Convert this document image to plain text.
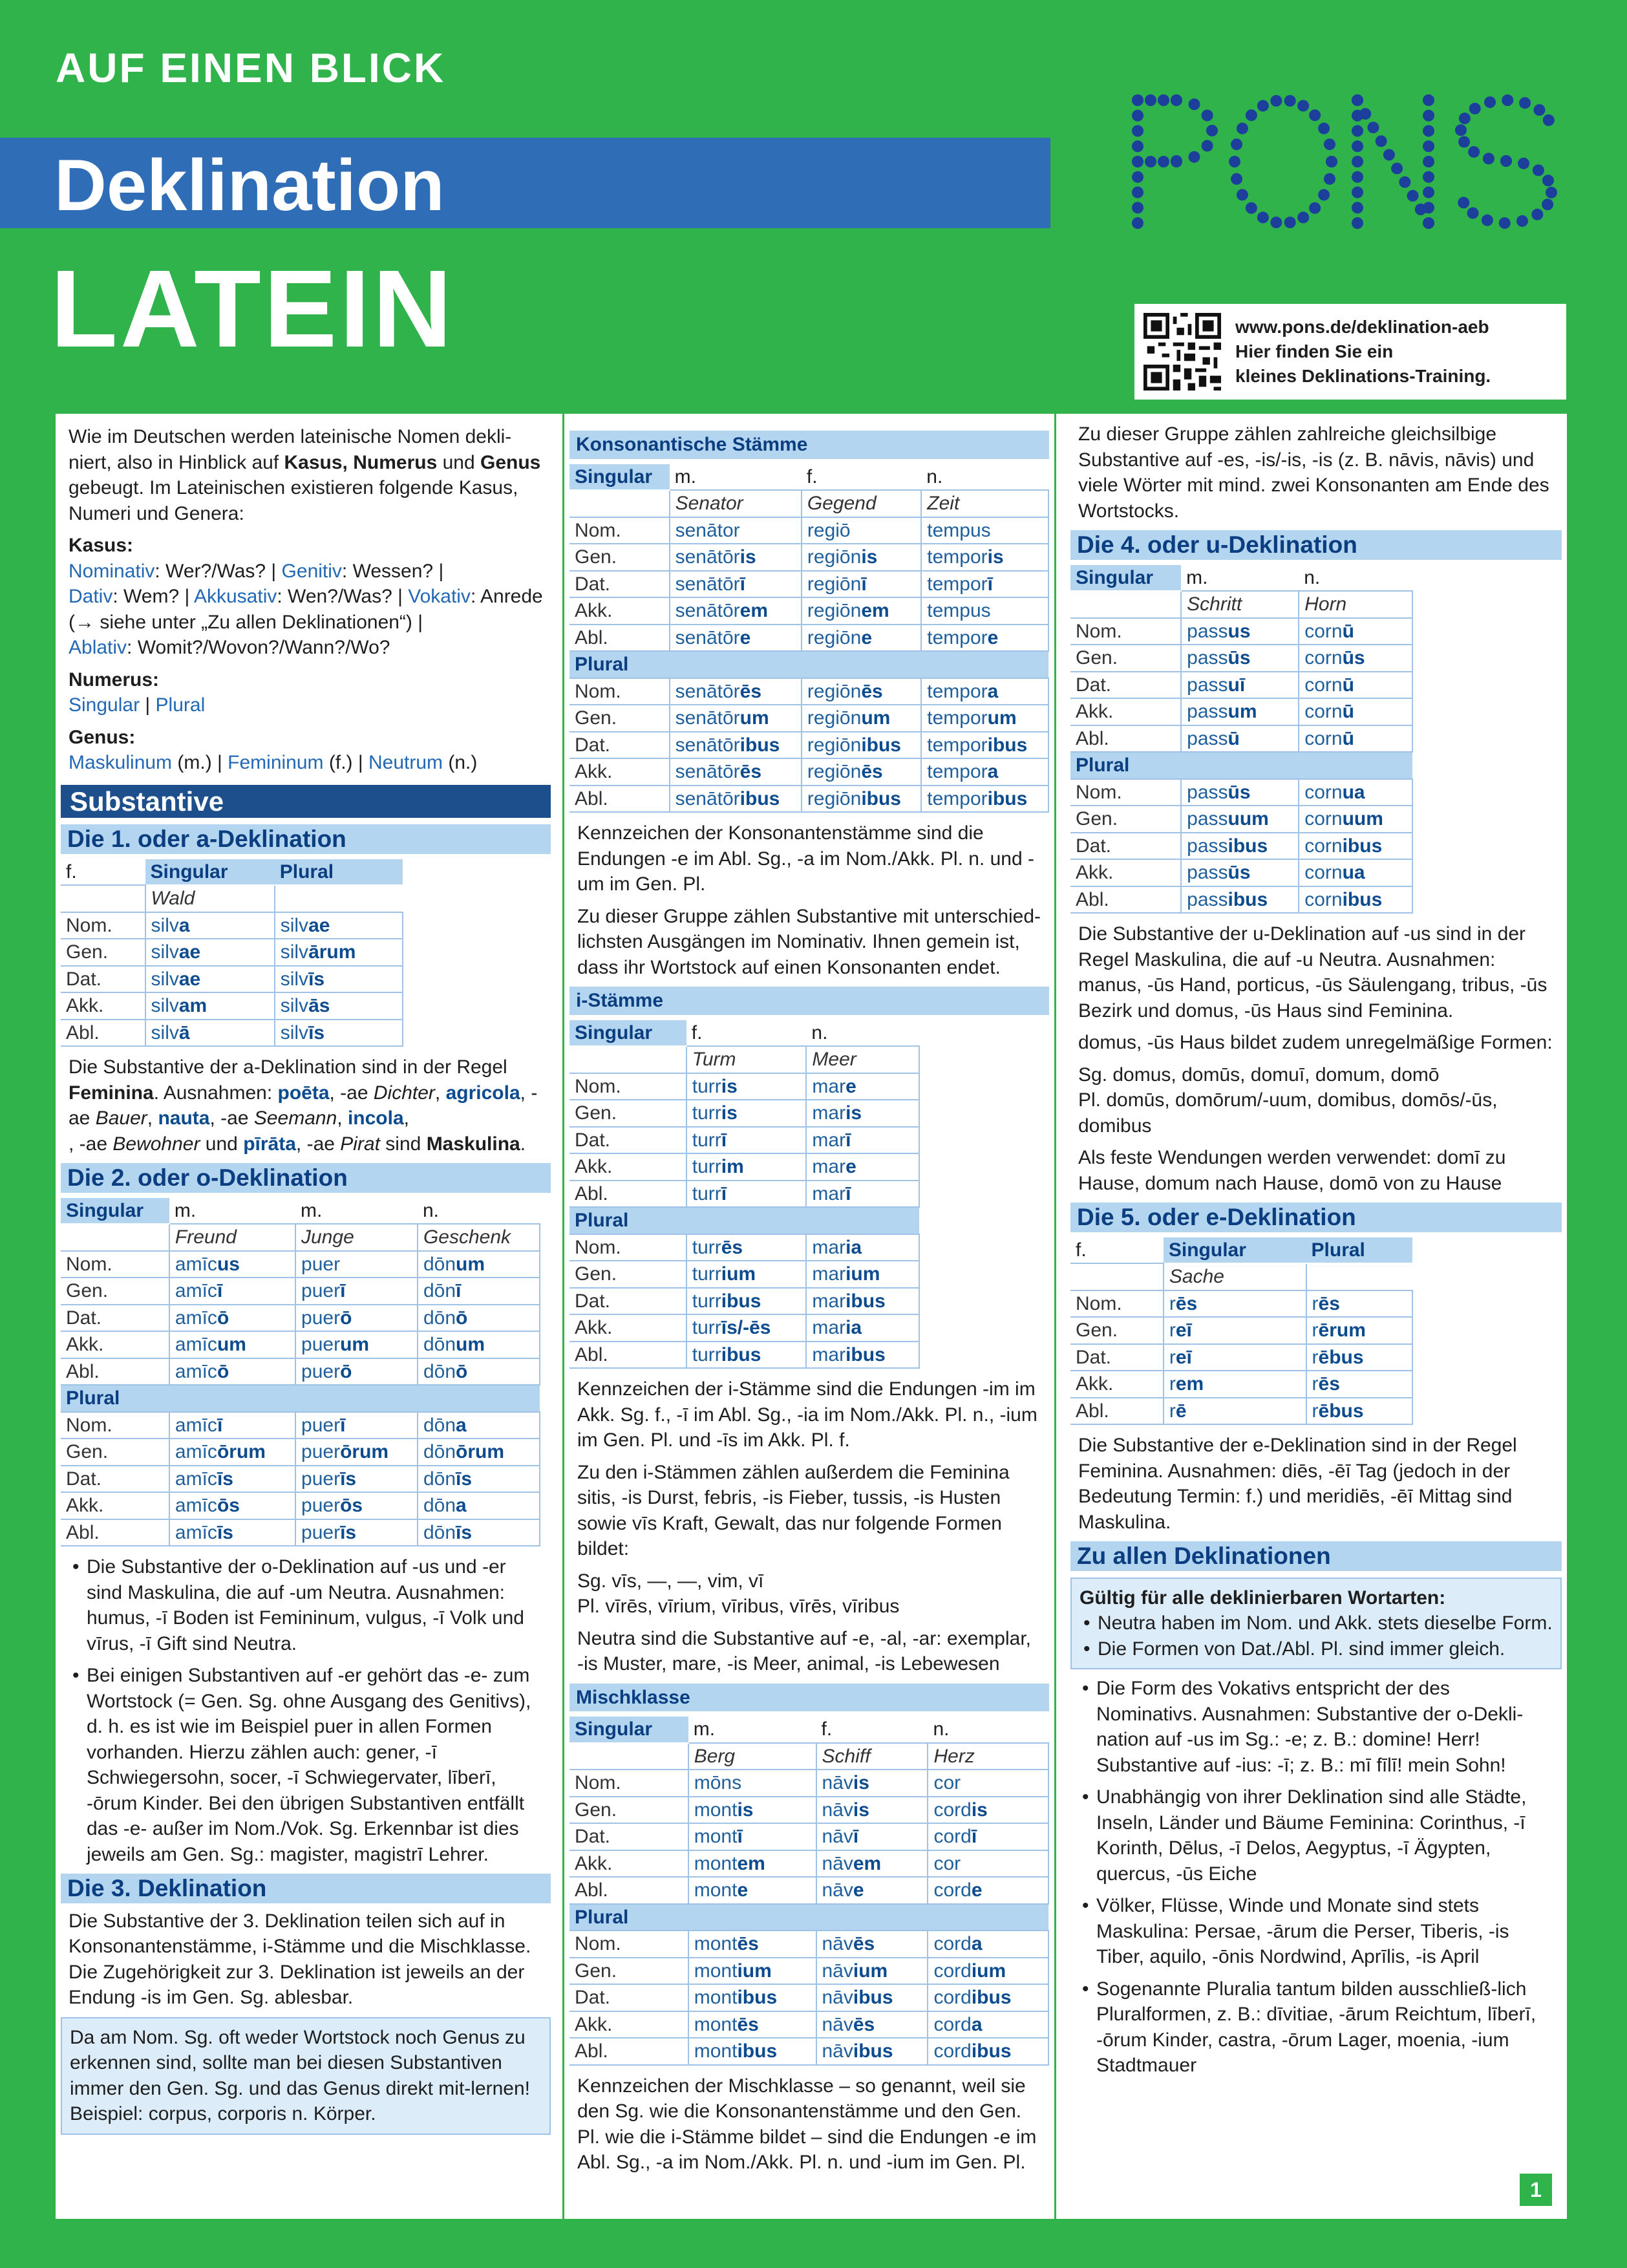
AUF EINEN BLICK
Deklination
LATEIN	www.pons.de/deklination-aeb
Hier finden Sie ein
kleines Deklinations-Training.
Wie im Deutschen werden lateinische Nomen dekli-niert, also in Hinblick auf Kasus, Numerus und Genus gebeugt. Im Lateinischen existieren folgende Kasus, Numeri und Genera:
Kasus:
Nominativ: Wer?/Was? | Genitiv: Wessen? |
Dativ: Wem? | Akkusativ: Wen?/Was? | Vokativ: Anrede (→ siehe unter „Zu allen Deklinationen“) |
Ablativ: Womit?/Wovon?/Wann?/Wo?
Numerus:
Singular | Plural
Genus:
Maskulinum (m.) | Femininum (f.) | Neutrum (n.)
Substantive
Die 1. oder a-Deklination
f.	Singular	Plural
	Wald	
Nom.	silva	silvae
Gen.	silvae	silvārum
Dat.	silvae	silvīs
Akk.	silvam	silvās
Abl.	silvā	silvīs
Die Substantive der a-Deklination sind in der Regel Feminina. Ausnahmen: poēta, -ae Dichter, agricola, -ae Bauer, nauta, -ae Seemann, incola,
, -ae Bewohner und pīrāta, -ae Pirat sind Maskulina.
Die 2. oder o-Deklination
Singular	m.	m.	n.
	Freund	Junge	Geschenk
Nom.	amīcus	puer	dōnum
Gen.	amīcī	puerī	dōnī
Dat.	amīcō	puerō	dōnō
Akk.	amīcum	puerum	dōnum
Abl.	amīcō	puerō	dōnō
Plural			
Nom.	amīcī	puerī	dōna
Gen.	amīcōrum	puerōrum	dōnōrum
Dat.	amīcīs	puerīs	dōnīs
Akk.	amīcōs	puerōs	dōna
Abl.	amīcīs	puerīs	dōnīs
• Die Substantive der o-Deklination auf -us und -er sind Maskulina, die auf -um Neutra. Ausnahmen: humus, -ī Boden ist Femininum, vulgus, -ī Volk und vīrus, -ī Gift sind Neutra.
• Bei einigen Substantiven auf -er gehört das -e- zum Wortstock (= Gen. Sg. ohne Ausgang des Genitivs), d. h. es ist wie im Beispiel puer in allen Formen vorhanden. Hierzu zählen auch: gener, -ī Schwiegersohn, socer, -ī Schwiegervater, līberī, -ōrum Kinder. Bei den übrigen Substantiven entfällt das -e- außer im Nom./Vok. Sg. Erkennbar ist dies jeweils am Gen. Sg.: magister, magistrī Lehrer.
Die 3. Deklination
Die Substantive der 3. Deklination teilen sich auf in Konsonantenstämme, i-Stämme und die Mischklasse. Die Zugehörigkeit zur 3. Deklination ist jeweils an der Endung -is im Gen. Sg. ablesbar.
Da am Nom. Sg. oft weder Wortstock noch Genus zu erkennen sind, sollte man bei diesen Substantiven immer den Gen. Sg. und das Genus direkt mit-lernen! Beispiel: corpus, corporis n. Körper.
Konsonantische Stämme
Singular	m.	f.	n.
	Senator	Gegend	Zeit
Nom.	senātor	regiō	tempus
Gen.	senātōris	regiōnis	temporis
Dat.	senātōrī	regiōnī	temporī
Akk.	senātōrem	regiōnem	tempus
Abl.	senātōre	regiōne	tempore
Plural			
Nom.	senātōrēs	regiōnēs	tempora
Gen.	senātōrum	regiōnum	temporum
Dat.	senātōribus	regiōnibus	temporibus
Akk.	senātōrēs	regiōnēs	tempora
Abl.	senātōribus	regiōnibus	temporibus
Kennzeichen der Konsonantenstämme sind die Endungen -e im Abl. Sg., -a im Nom./Akk. Pl. n. und -um im Gen. Pl.
Zu dieser Gruppe zählen Substantive mit unterschied-lichsten Ausgängen im Nominativ. Ihnen gemein ist, dass ihr Wortstock auf einen Konsonanten endet.
i-Stämme
Singular	f.	n.
	Turm	Meer
Nom.	turris	mare
Gen.	turris	maris
Dat.	turrī	marī
Akk.	turrim	mare
Abl.	turrī	marī
Plural		
Nom.	turrēs	maria
Gen.	turrium	marium
Dat.	turribus	maribus
Akk.	turrīs/-ēs	maria
Abl.	turribus	maribus
Kennzeichen der i-Stämme sind die Endungen -im im Akk. Sg. f., -ī im Abl. Sg., -ia im Nom./Akk. Pl. n., -ium im Gen. Pl. und -īs im Akk. Pl. f.
Zu den i-Stämmen zählen außerdem die Feminina sitis, -is Durst, febris, -is Fieber, tussis, -is Husten sowie vīs Kraft, Gewalt, das nur folgende Formen bildet:
Sg. vīs, —, —, vim, vī
Pl. vīrēs, vīrium, vīribus, vīrēs, vīribus
Neutra sind die Substantive auf -e, -al, -ar: exemplar, -is Muster, mare, -is Meer, animal, -is Lebewesen
Mischklasse
Singular	m.	f.	n.
	Berg	Schiff	Herz
Nom.	mōns	nāvis	cor
Gen.	montis	nāvis	cordis
Dat.	montī	nāvī	cordī
Akk.	montem	nāvem	cor
Abl.	monte	nāve	corde
Plural			
Nom.	montēs	nāvēs	corda
Gen.	montium	nāvium	cordium
Dat.	montibus	nāvibus	cordibus
Akk.	montēs	nāvēs	corda
Abl.	montibus	nāvibus	cordibus
Kennzeichen der Mischklasse – so genannt, weil sie den Sg. wie die Konsonantenstämme und den Gen. Pl. wie die i-Stämme bildet – sind die Endungen -e im Abl. Sg., -a im Nom./Akk. Pl. n. und -ium im Gen. Pl.
Zu dieser Gruppe zählen zahlreiche gleichsilbige Substantive auf -es, -is/-is, -is (z. B. nāvis, nāvis) und viele Wörter mit mind. zwei Konsonanten am Ende des Wortstocks.
Die 4. oder u-Deklination
Singular	m.	n.
	Schritt	Horn
Nom.	passus	cornū
Gen.	passūs	cornūs
Dat.	passuī	cornū
Akk.	passum	cornū
Abl.	passū	cornū
Plural		
Nom.	passūs	cornua
Gen.	passuum	cornuum
Dat.	passibus	cornibus
Akk.	passūs	cornua
Abl.	passibus	cornibus
Die Substantive der u-Deklination auf -us sind in der Regel Maskulina, die auf -u Neutra. Ausnahmen: manus, -ūs Hand, porticus, -ūs Säulengang, tribus, -ūs Bezirk und domus, -ūs Haus sind Feminina.
domus, -ūs Haus bildet zudem unregelmäßige Formen:
Sg. domus, domūs, domuī, domum, domō
Pl. domūs, domōrum/-uum, domibus, domōs/-ūs, domibus
Als feste Wendungen werden verwendet: domī zu Hause, domum nach Hause, domō von zu Hause
Die 5. oder e-Deklination
f.	Singular	Plural
	Sache	
Nom.	rēs	rēs
Gen.	reī	rērum
Dat.	reī	rēbus
Akk.	rem	rēs
Abl.	rē	rēbus
Die Substantive der e-Deklination sind in der Regel Feminina. Ausnahmen: diēs, -ēī Tag (jedoch in der Bedeutung Termin: f.) und meridiēs, -ēī Mittag sind Maskulina.
Zu allen Deklinationen
Gültig für alle deklinierbaren Wortarten:
• Neutra haben im Nom. und Akk. stets dieselbe Form.
• Die Formen von Dat./Abl. Pl. sind immer gleich.
• Die Form des Vokativs entspricht der des Nominativs. Ausnahmen: Substantive der o-Dekli-nation auf -us im Sg.: -e; z. B.: domine! Herr! Substantive auf -ius: -ī; z. B.: mī fīlī! mein Sohn!
• Unabhängig von ihrer Deklination sind alle Städte, Inseln, Länder und Bäume Feminina: Corinthus, -ī Korinth, Dēlus, -ī Delos, Aegyptus, -ī Ägypten, quercus, -ūs Eiche
• Völker, Flüsse, Winde und Monate sind stets Maskulina: Persae, -ārum die Perser, Tiberis, -is Tiber, aquilo, -ōnis Nordwind, Aprīlis, -is April
• Sogenannte Pluralia tantum bilden ausschließ-lich Pluralformen, z. B.: dīvitiae, -ārum Reichtum, līberī, -ōrum Kinder, castra, -ōrum Lager, moenia, -ium Stadtmauer
1
